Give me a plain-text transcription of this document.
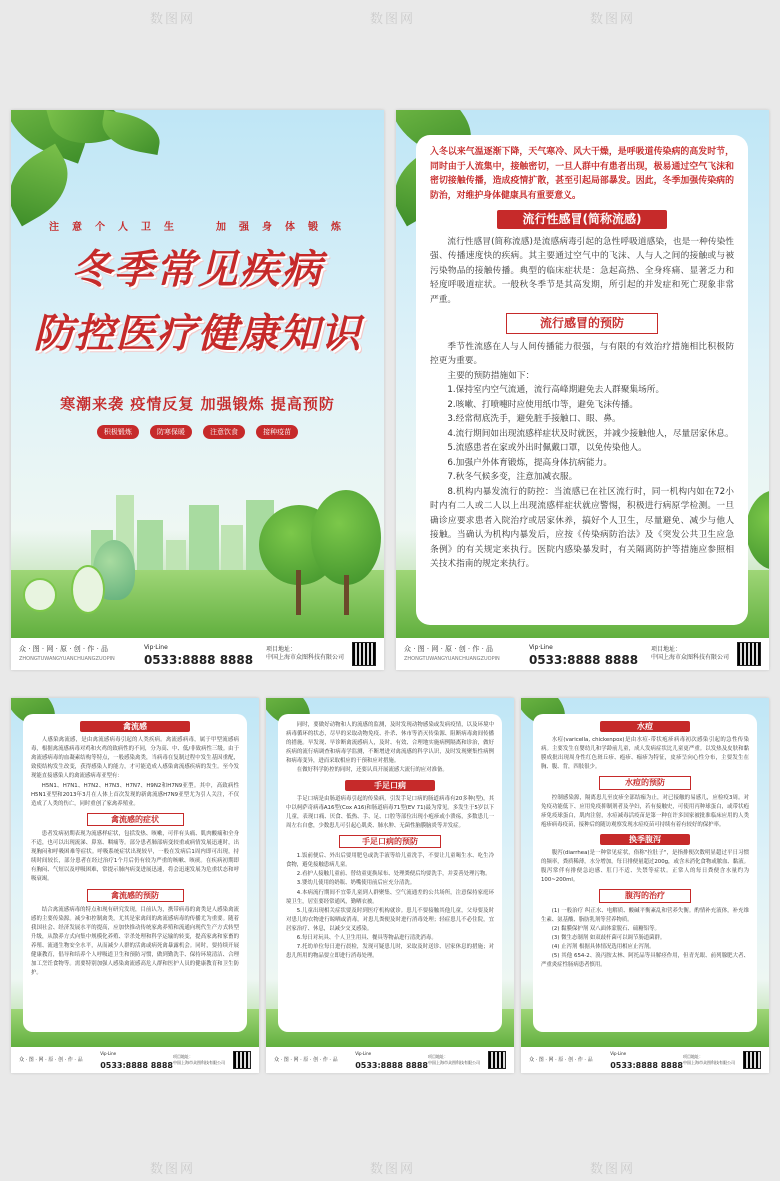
数图网	数图网	数图网
数图网	数图网	数图网
注意个人卫生	加强身体锻炼
冬季常见疾病
防控医疗健康知识
寒潮来袭 疫情反复 加强锻炼 提高预防
积极锻炼	防寒保暖	注意饮食	接种疫苗
众 · 图 · 网 · 原 · 创 · 作 · 品
ZHONGTUWANGYUANCHUANGZUOPIN
Vip·Line
0533:8888 8888
项目地址：
中国上海市众图科技有限公司

入冬以来气温逐渐下降，天气寒冷、风大干燥，是呼吸道传染病的高发时节，同时由于人流集中，接触密切，一旦人群中有患者出现，极易通过空气飞沫和密切接触传播，造成疫情扩散，甚至引起局部暴发。因此，冬季加强传染病的防治，对维护身体健康具有重要意义。

流行性感冒(简称流感)

流行性感冒(简称流感)是流感病毒引起的急性呼吸道感染，也是一种传染性强、传播速度快的疾病。其主要通过空气中的飞沫、人与人之间的接触或与被污染物品的接触传播。典型的临床症状是：急起高热、全身疼痛、显著乏力和轻度呼吸道症状。一般秋冬季节是其高发期，所引起的并发症和死亡现象非常严重。

流行感冒的预防

季节性流感在人与人间传播能力很强，与有限的有效治疗措施相比积极防控更为重要。

主要的预防措施如下：

1.保持室内空气流通，流行高峰期避免去人群聚集场所。

2.咳嗽、打喷嚏时应使用纸巾等，避免飞沫传播。

3.经常彻底洗手，避免脏手接触口、眼、鼻。

4.流行期间如出现流感样症状及时就医，并减少接触他人，尽量居家休息。

5.流感患者在家或外出时佩戴口罩，以免传染他人。

6.加强户外体育锻炼，提高身体抗病能力。

7.秋冬气候多变，注意加减衣服。

8.机构内暴发流行的防控：当流感已在社区流行时，同一机构内如在72小时内有二人或二人以上出现流感样症状就应警惕，积极进行病原学检测。一旦确诊应要求患者入院治疗或居家休养，搞好个人卫生，尽量避免、减少与他人接触。当确认为机构内暴发后，应按《传染病防治法》及《突发公共卫生应急条例》的有关规定来执行。医院内感染暴发时，有关隔离防护等措施应参照相关技术指南的规定来执行。

众 · 图 · 网 · 原 · 创 · 作 · 品
ZHONGTUWANGYUANCHUANGZUOPIN
Vip·Line
0533:8888 8888
项目地址：
中国上海市众图科技有限公司
禽流感

人感染禽流感，是由禽流感病毒引起的人类疾病。禽流感病毒，属于甲型流感病毒，根据禽流感病毒对鸡和火鸡的致病性的不同，分为高、中、低/非致病性三级。由于禽流感病毒的血凝素结构等特点，一般感染禽类，当病毒在复制过程中发生基因重配，致使结构发生改变，获得感染人的能力，才可能造成人感染禽流感疾病的发生。至今发现能直接感染人的禽流感病毒亚型有：

H5N1、H7N1、H7N2、H7N3、H7N7、H9N2和H7N9亚型。其中，高致病性H5N1亚型和2013年3月在人体上首次发现的新禽流感H7N9亚型尤为引人关注，不仅造成了人类的伤亡，同时重创了家禽养殖业。

禽流感的症状

患者发病初期表现为流感样症状，包括发热、咳嗽，可伴有头痛、肌肉酸痛和全身不适，也可以出现流涕、鼻塞、咽痛等。部分患者肺部病变较重或病情发展迅速时，出现胸闷和呼吸困难等症状。呼吸系统症状出现较早，一般在发病后1周内即可出现，持续时间较长，部分患者在经过治疗1个月后仍有较为严重的咳嗽、咳痰。在疾病初期即有胸闷、气短以及呼吸困难，常提示肺内病变进展迅速，将会迅速发展为危重状态和呼吸衰竭。

禽流感的预防

结合禽流感病毒的特点和现有研究发现，目前认为，携带病毒的禽类是人感染禽流感的主要传染源。减少和控制禽类，尤其是家禽间的禽流感病毒的传播尤为重要。随着我国社会、经济发展水平的提高，应加快推动传统家禽养殖和流通向现代生产方式转型升级，从散养方式向集中规模化养殖、宰杀处理和科学运输的转变，提高家禽和家畜的养殖、流通生物安全水平，从而减少人群的活禽或病死禽暴露机会。同时，要持续开展健康教育，倡导和培养个人呼吸道卫生和预防习惯，做到勤洗手、保持环境清洁、合理加工烹饪食物等。需要特别加强人感染禽流感高危人群和医护人员的健康教育和卫生防护。

众 · 图 · 网 · 原 · 创 · 作 · 品
Vip·Line
0533:8888 8888
项目地址：
中国上海市众图科技有限公司

同时，要做好动物和人的流感的监测，及时发现动物感染或发病疫情，以及环境中病毒循环的状态，尽早的采取动物免疫、扑杀、休市等消灭传染源、阻断病毒禽间传播的措施。早发现、早诊断禽流感病人，及时、有效、合理地实施病例隔离和诊治，做好疾病的流行病调查和病毒学监测，不断增进对禽流感的科学认识，及时发现聚集性病例和病毒变异，进而采取相应的干预和应对措施。

在做好科学防控的同时，还要认真开展流感大流行的应对准备。

手足口病

手足口病是由肠道病毒引起的传染病，引发手足口病的肠道病毒有20多种(型)，其中以柯萨奇病毒A16型(Cox A16)和肠道病毒71型(EV 71)最为常见。多发生于5岁以下儿童，表现口痛、厌食、低热、手、足、口腔等部位出现小疱疹或小溃疡，多数患儿一周左右自愈，少数患儿可引起心肌炎、肺水肿、无菌性脑膜脑炎等并发症。

手足口病的预防

1.饭前便后、外出后要用肥皂或洗手液等给儿童洗手，不要让儿童喝生水、吃生冷食物，避免接触患病儿童。

2.看护人接触儿童前、替幼童更换尿布、处理粪便后均要洗手，并妥善处理污物。

3.婴幼儿使用的奶瓶、奶嘴使用前后应充分清洗。

4.本病流行期间不宜带儿童到人群聚集、空气流通差的公共场所，注意保持家庭环境卫生，居室要经常通风，勤晒衣被。

5.儿童出现相关症状要及时到医疗机构就诊。患儿不要接触其他儿童，父母要及时对患儿的衣物进行晾晒或消毒，对患儿粪便及时进行消毒处理；轻症患儿不必住院，宜居家治疗、休息，以减少交叉感染。

6.每日对玩具、个人卫生用具、餐具等物品进行清洗消毒。

7.托幼单位每日进行晨检，发现可疑患儿时，采取及时送诊、居家休息的措施；对患儿所用的物品要立即进行消毒处理。

众 · 图 · 网 · 原 · 创 · 作 · 品
Vip·Line
0533:8888 8888
项目地址：
中国上海市众图科技有限公司
水痘

水痘(varicella, chickenpox)是由水痘-带状疱疹病毒初次感染引起的急性传染病。主要发生在婴幼儿和学龄前儿童，成人发病症状比儿童更严重。以发热及皮肤和黏膜成批出现周身性红色斑丘疹、疱疹、痂疹为特征，皮疹呈向心性分布，主要发生在胸、腹、背，四肢很少。

水痘的预防

控制感染源，隔离患儿至皮疹全部结痂为止，对已接触的易感儿，应检疫3周。对免疫功能低下、应用免疫抑制剂者及孕妇，若有接触史，可使用丙种球蛋白，或带状疱疹免疫球蛋白，肌肉注射，水痘减毒活疫苗是第一种在许多国家被批准临床应用的人类疱疹病毒疫苗，接种后的随访观察发现水痘疫苗可持续有着有较好的保护率。

换季腹泻

腹泻(diarrhea)是一种常见症状，俗称"拉肚子"，是指排便次数明显超过平日习惯的频率，粪质稀薄，水分增加，每日排便量超过200g，或含未消化食物或脓血、黏液。腹泻常伴有排便急迫感、肛门不适、失禁等症状。正常人的每日粪便含水量约为100~200ml。

腹泻的治疗

(1) 一般治疗 纠正水、电解质、酸碱平衡紊乱和营养失衡。酌情补充液体，补充维生素、氨基酸、脂肪乳剂等营养物质。

(2) 黏膜保护剂 双八面体蒙脱石、硫糖铝等。

(3) 微生态制剂 如双歧杆菌可以调节肠道菌群。

(4) 止泻剂 根据具体情况选用相应止泻剂。

(5) 其他 654-2、溴丙胺太林、阿托品等具解痉作用，但青光眼、前列腺肥大者、严重炎症性肠病患者慎用。

众 · 图 · 网 · 原 · 创 · 作 · 品
Vip·Line
0533:8888 8888
项目地址：
中国上海市众图科技有限公司
